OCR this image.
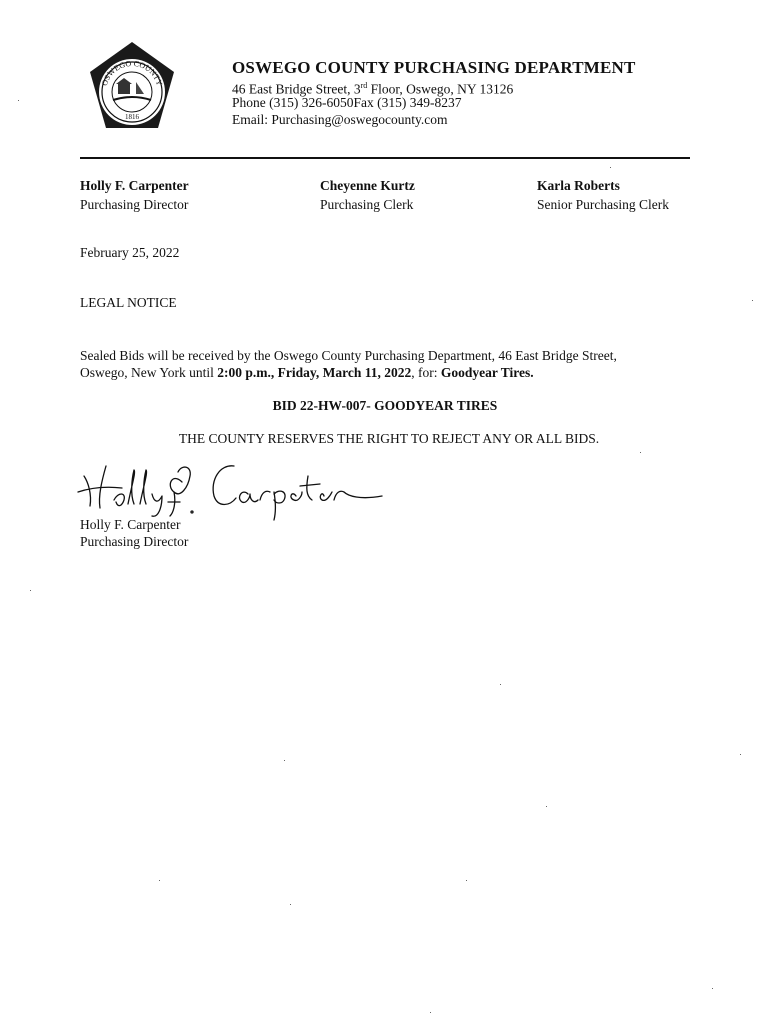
OSWEGO COUNTY
1816
OSWEGO COUNTY PURCHASING DEPARTMENT
46 East Bridge Street, 3rd Floor, Oswego, NY 13126
Phone (315) 326-6050Fax (315) 349-8237
Email: Purchasing@oswegocounty.com
Holly F. Carpenter
Purchasing Director
Cheyenne Kurtz
Purchasing Clerk
Karla Roberts
Senior Purchasing Clerk
February 25, 2022
LEGAL NOTICE
Sealed Bids will be received by the Oswego County Purchasing Department, 46 East Bridge Street,
Oswego, New York until 2:00 p.m., Friday, March 11, 2022, for: Goodyear Tires.
BID 22-HW-007- GOODYEAR TIRES
THE COUNTY RESERVES THE RIGHT TO REJECT ANY OR ALL BIDS.
Holly F. Carpenter
Purchasing Director
